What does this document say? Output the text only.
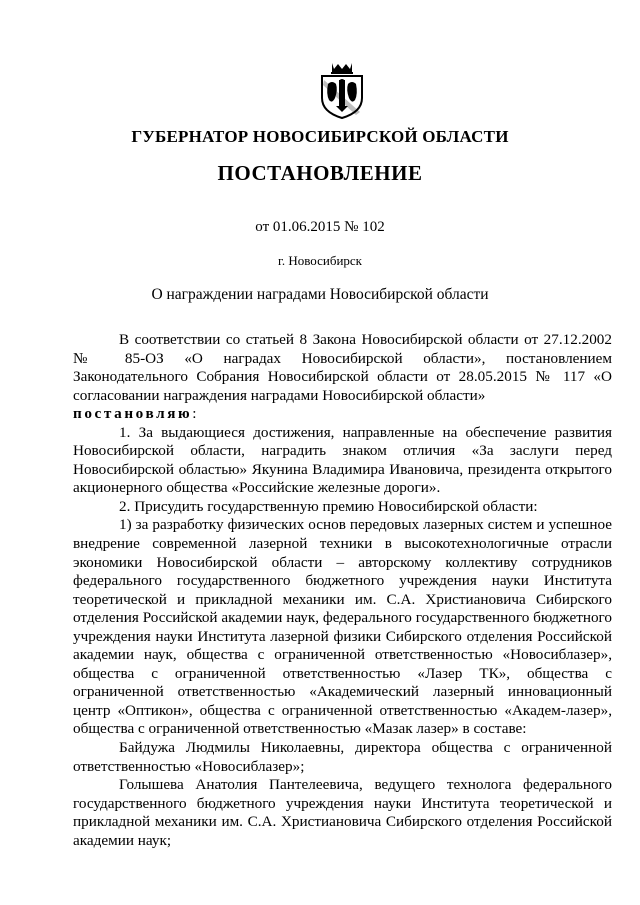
ГУБЕРНАТОР НОВОСИБИРСКОЙ ОБЛАСТИ
ПОСТАНОВЛЕНИЕ
от 01.06.2015 № 102
г. Новосибирск
О награждении наградами Новосибирской области

В соответствии со статьей 8 Закона Новосибирской области от 27.12.2002 № 85-ОЗ «О наградах Новосибирской области», постановлением Законодательного Собрания Новосибирской области от 28.05.2015 № 117 «О согласовании награждения наградами Новосибирской области»
постановляю:

1. За выдающиеся достижения, направленные на обеспечение развития Новосибирской области, наградить знаком отличия «За заслуги перед Новосибирской областью» Якунина Владимира Ивановича, президента открытого акционерного общества «Российские железные дороги».

2. Присудить государственную премию Новосибирской области:

1) за разработку физических основ передовых лазерных систем и успешное внедрение современной лазерной техники в высокотехнологичные отрасли экономики Новосибирской области – авторскому коллективу сотрудников федерального государственного бюджетного учреждения науки Института теоретической и прикладной механики им. С.А. Христиановича Сибирского отделения Российской академии наук, федерального государственного бюджетного учреждения науки Института лазерной физики Сибирского отделения Российской академии наук, общества с ограниченной ответственностью «Новосиблазер», общества с ограниченной ответственностью «Лазер ТК», общества с ограниченной ответственностью «Академический лазерный инновационный центр «Оптикон», общества с ограниченной ответственностью «Академ-лазер», общества с ограниченной ответственностью «Мазак лазер» в составе:

Байдужа Людмилы Николаевны, директора общества с ограниченной ответственностью «Новосиблазер»;

Голышева Анатолия Пантелеевича, ведущего технолога федерального государственного бюджетного учреждения науки Института теоретической и прикладной механики им. С.А. Христиановича Сибирского отделения Российской академии наук;
